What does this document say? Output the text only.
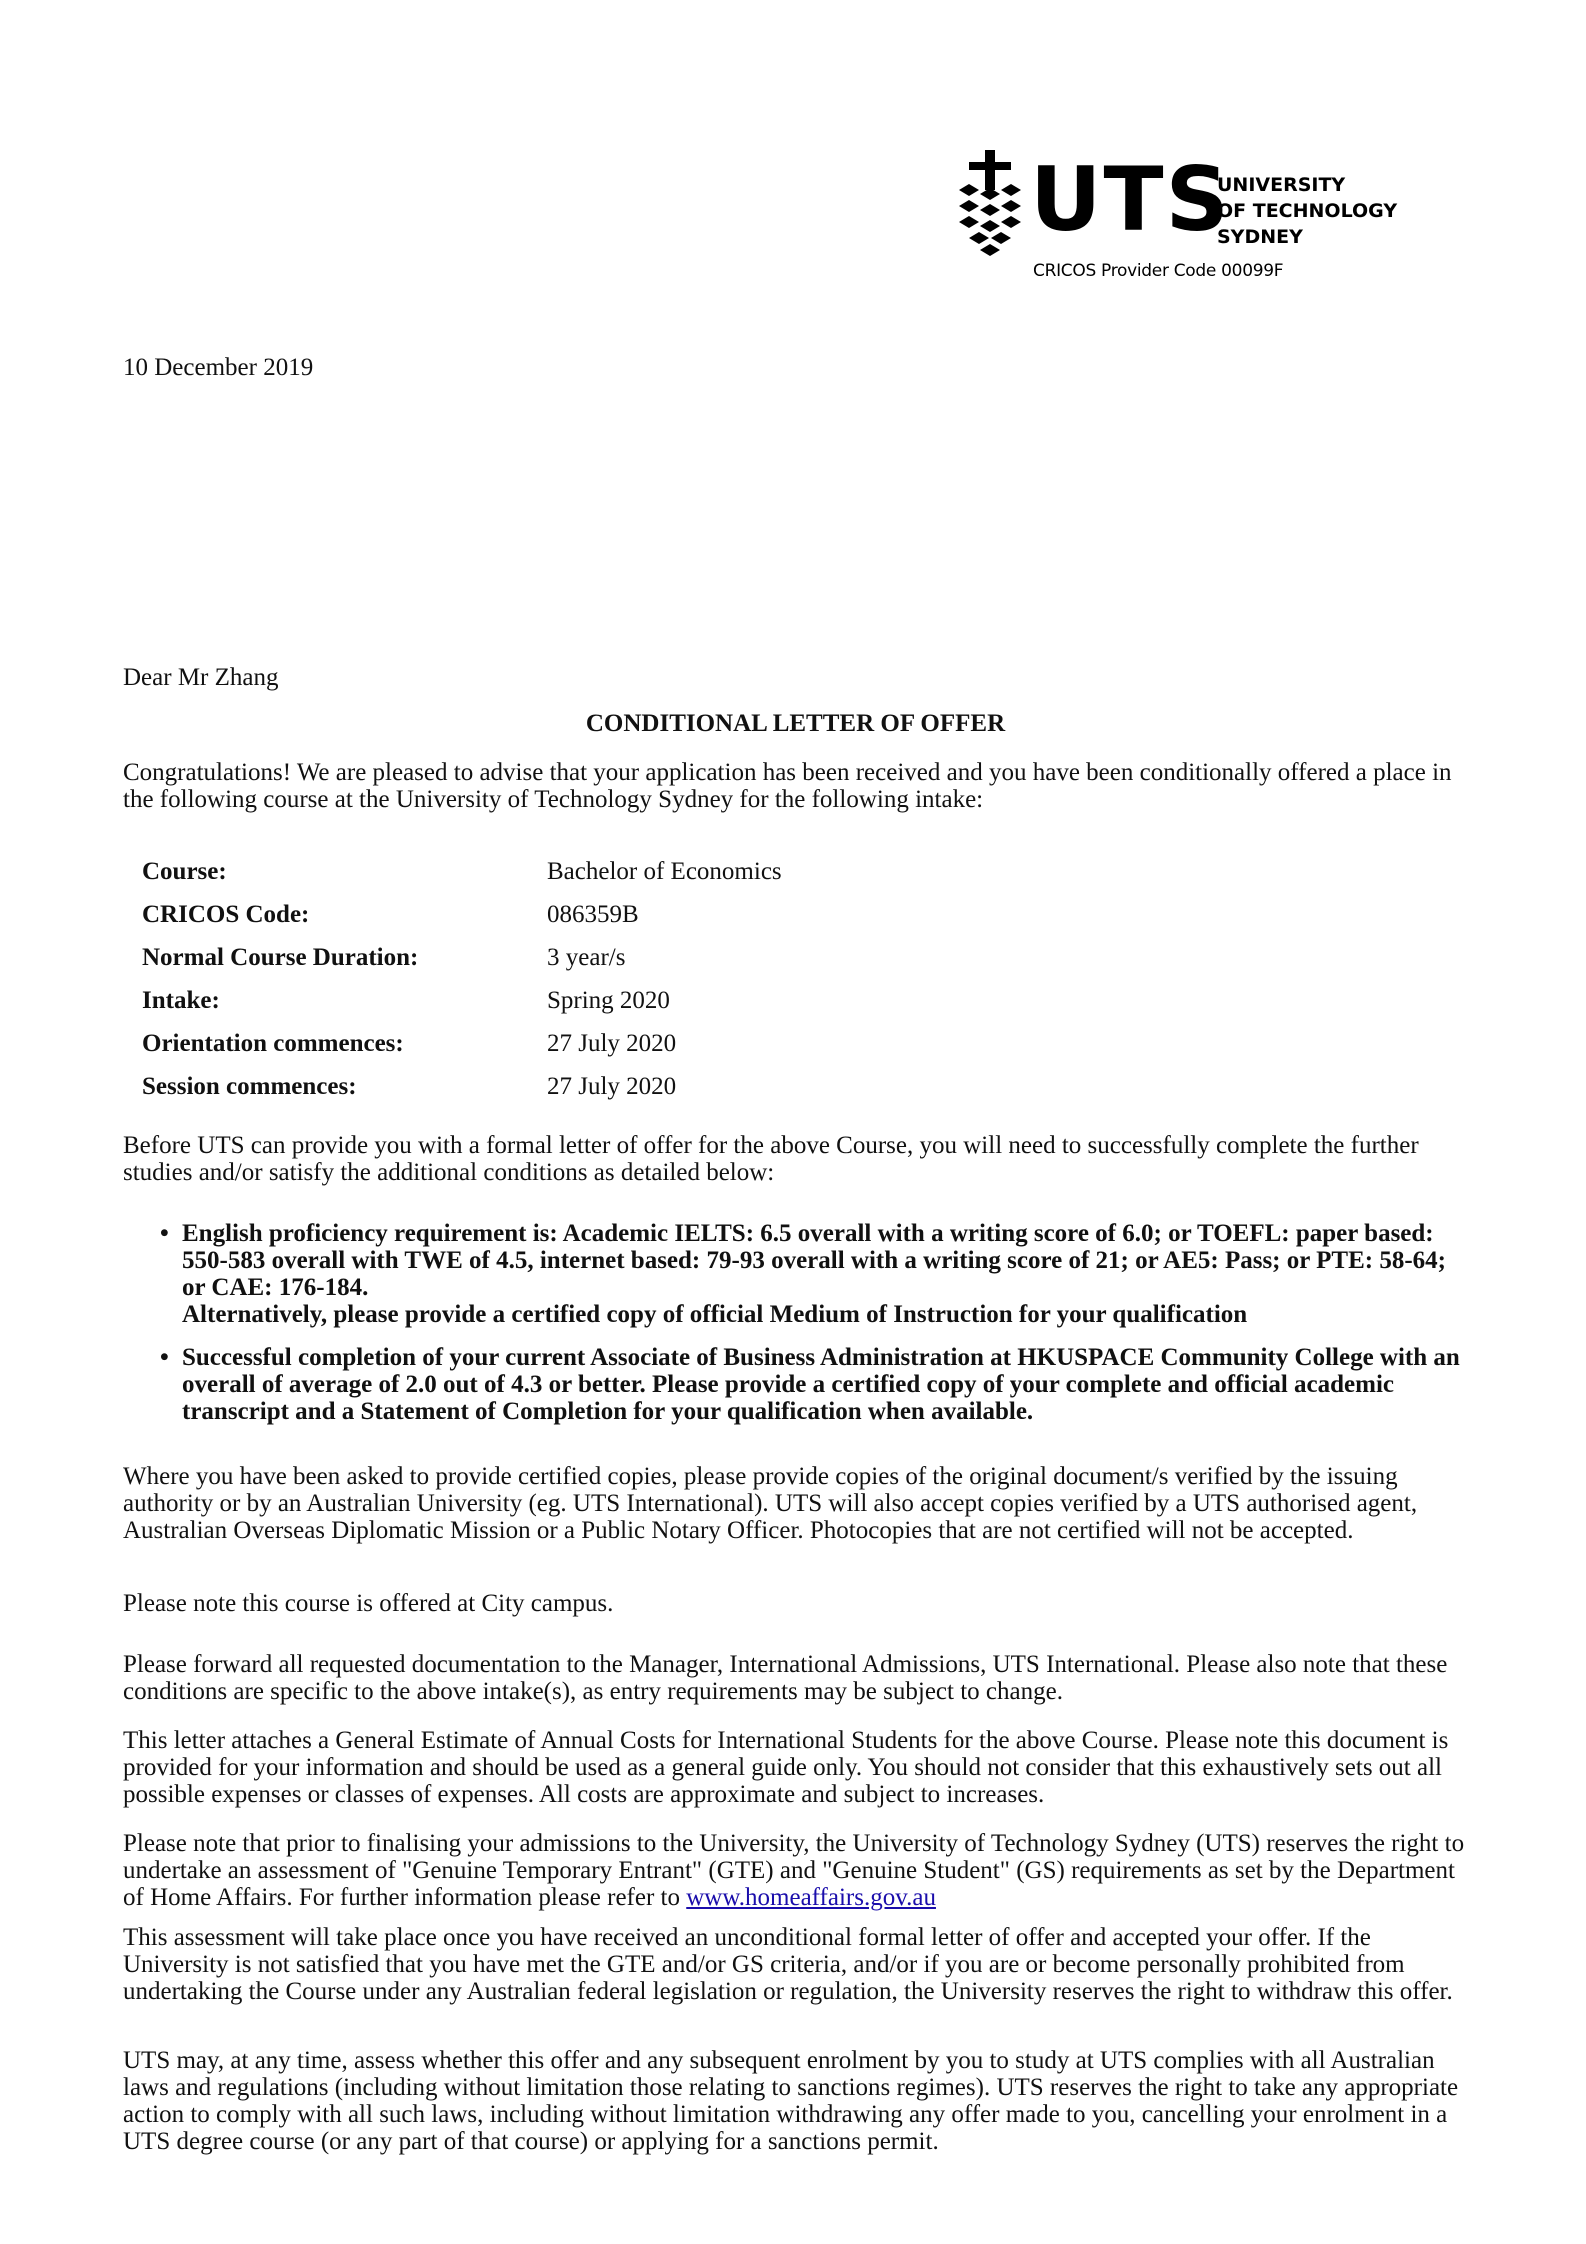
UTS
UNIVERSITY
OF TECHNOLOGY
SYDNEY
CRICOS Provider Code 00099F
10 December 2019
Dear Mr Zhang
CONDITIONAL LETTER OF OFFER
Congratulations! We are pleased to advise that your application has been received and you have been conditionally offered a place in the following course at the University of Technology Sydney for the following intake:
Course:	Bachelor of Economics
CRICOS Code:	086359B
Normal Course Duration:	3 year/s
Intake:	Spring 2020
Orientation commences:	27 July 2020
Session commences:	27 July 2020
Before UTS can provide you with a formal letter of offer for the above Course, you will need to successfully complete the further studies and/or satisfy the additional conditions as detailed below:
• English proficiency requirement is: Academic IELTS: 6.5 overall with a writing score of 6.0; or TOEFL: paper based: 550-583 overall with TWE of 4.5, internet based: 79-93 overall with a writing score of 21; or AE5: Pass; or PTE: 58-64; or CAE: 176-184.
Alternatively, please provide a certified copy of official Medium of Instruction for your qualification
• Successful completion of your current Associate of Business Administration at HKUSPACE Community College with an overall of average of 2.0 out of 4.3 or better. Please provide a certified copy of your complete and official academic transcript and a Statement of Completion for your qualification when available.
Where you have been asked to provide certified copies, please provide copies of the original document/s verified by the issuing authority or by an Australian University (eg. UTS International). UTS will also accept copies verified by a UTS authorised agent, Australian Overseas Diplomatic Mission or a Public Notary Officer. Photocopies that are not certified will not be accepted.
Please note this course is offered at City campus.
Please forward all requested documentation to the Manager, International Admissions, UTS International. Please also note that these conditions are specific to the above intake(s), as entry requirements may be subject to change.
This letter attaches a General Estimate of Annual Costs for International Students for the above Course. Please note this document is provided for your information and should be used as a general guide only. You should not consider that this exhaustively sets out all possible expenses or classes of expenses. All costs are approximate and subject to increases.
Please note that prior to finalising your admissions to the University, the University of Technology Sydney (UTS) reserves the right to undertake an assessment of "Genuine Temporary Entrant" (GTE) and "Genuine Student" (GS) requirements as set by the Department of Home Affairs. For further information please refer to www.homeaffairs.gov.au
This assessment will take place once you have received an unconditional formal letter of offer and accepted your offer. If the University is not satisfied that you have met the GTE and/or GS criteria, and/or if you are or become personally prohibited from undertaking the Course under any Australian federal legislation or regulation, the University reserves the right to withdraw this offer.
UTS may, at any time, assess whether this offer and any subsequent enrolment by you to study at UTS complies with all Australian laws and regulations (including without limitation those relating to sanctions regimes). UTS reserves the right to take any appropriate action to comply with all such laws, including without limitation withdrawing any offer made to you, cancelling your enrolment in a UTS degree course (or any part of that course) or applying for a sanctions permit.
